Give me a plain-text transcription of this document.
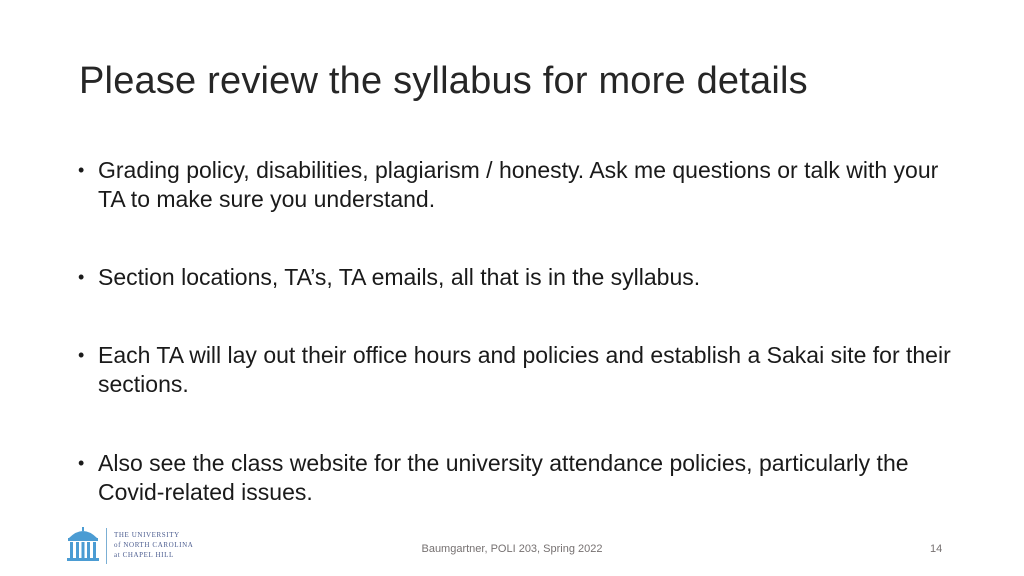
Please review the syllabus for more details
• Grading policy, disabilities, plagiarism / honesty. Ask me questions or talk with your TA to make sure you understand.
• Section locations, TA’s, TA emails, all that is in the syllabus.
• Each TA will lay out their office hours and policies and establish a Sakai site for their sections.
• Also see the class website for the university attendance policies, particularly the Covid-related issues.
THE UNIVERSITY
of NORTH CAROLINA
at CHAPEL HILL	Baumgartner, POLI 203, Spring 2022	14
